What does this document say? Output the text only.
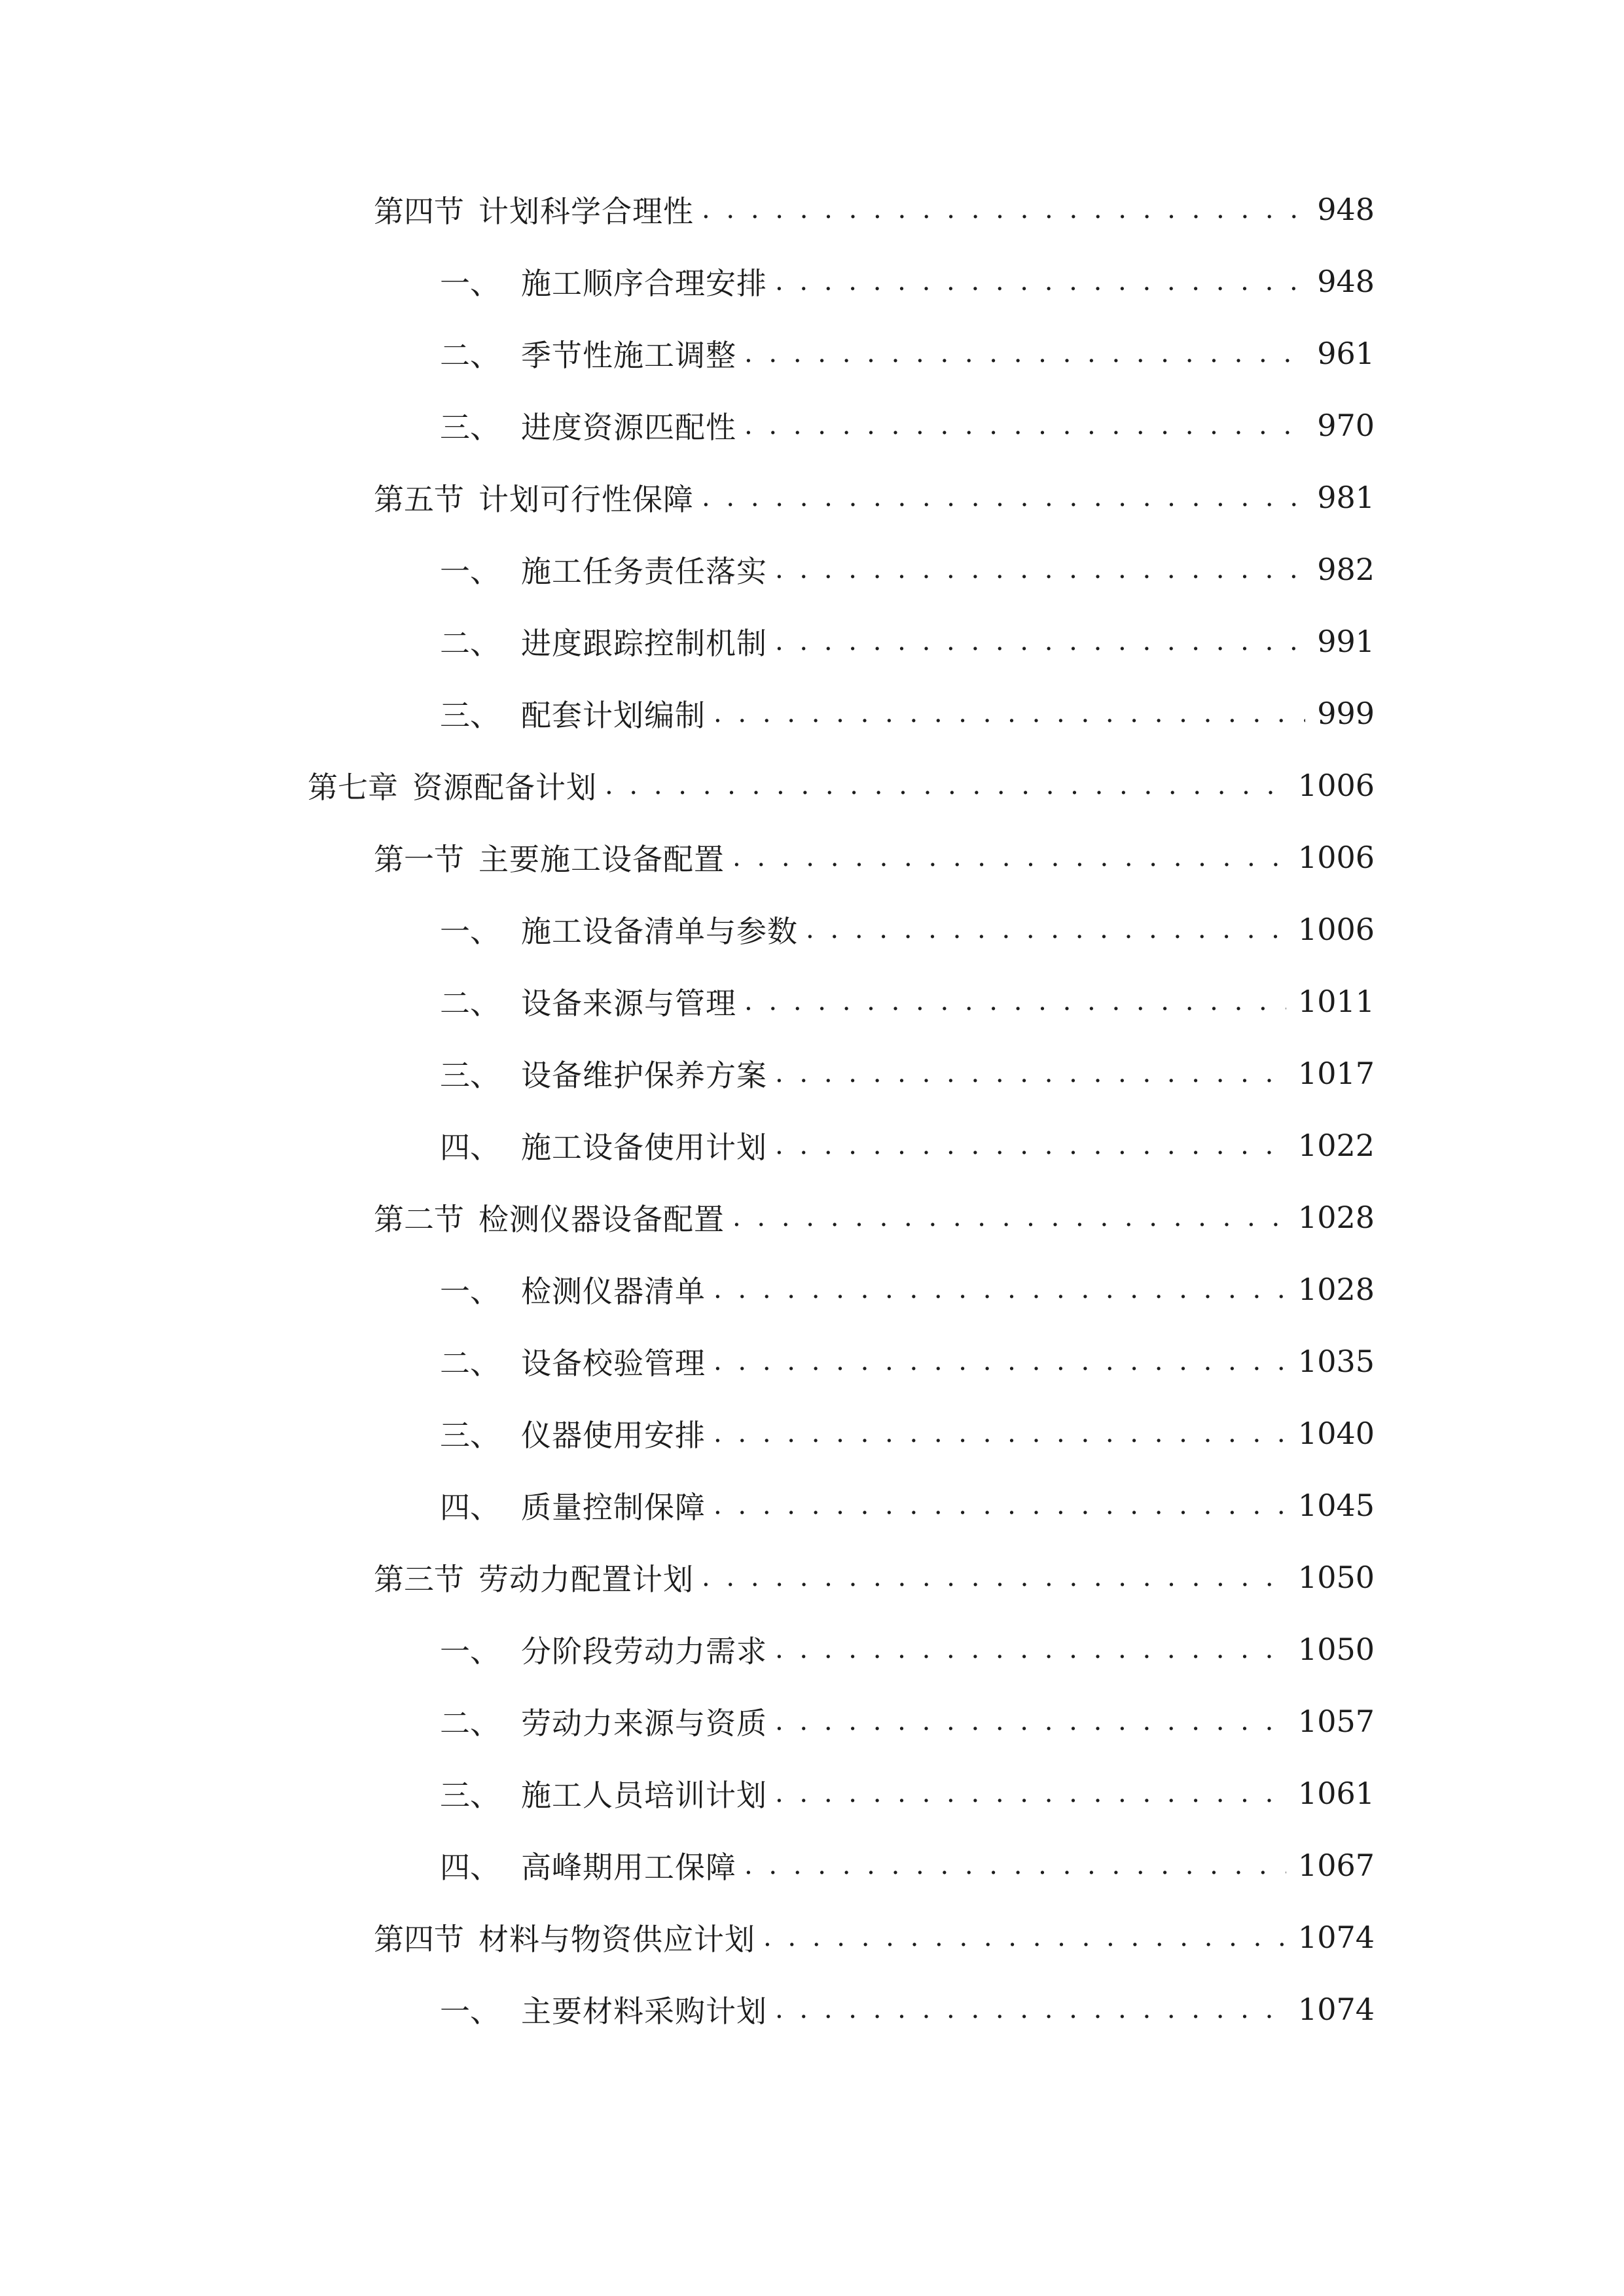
第四节 计划科学合理性 . . .	948
一、 施工顺序合理安排 . . .	948
二、 季节性施工调整 . . .	961
三、 进度资源匹配性 . . .	970
第五节 计划可行性保障 . . .	981
一、 施工任务责任落实 . . .	982
二、 进度跟踪控制机制 . . .	991
三、 配套计划编制 . . .	999
第七章 资源配备计划 . . .	1006
第一节 主要施工设备配置 . . .	1006
一、 施工设备清单与参数 . . .	1006
二、 设备来源与管理 . . .	1011
三、 设备维护保养方案 . . .	1017
四、 施工设备使用计划 . . .	1022
第二节 检测仪器设备配置 . . .	1028
一、 检测仪器清单 . . .	1028
二、 设备校验管理 . . .	1035
三、 仪器使用安排 . . .	1040
四、 质量控制保障 . . .	1045
第三节 劳动力配置计划 . . .	1050
一、 分阶段劳动力需求 . . .	1050
二、 劳动力来源与资质 . . .	1057
三、 施工人员培训计划 . . .	1061
四、 高峰期用工保障 . . .	1067
第四节 材料与物资供应计划 . . .	1074
一、 主要材料采购计划 . . .	1074
